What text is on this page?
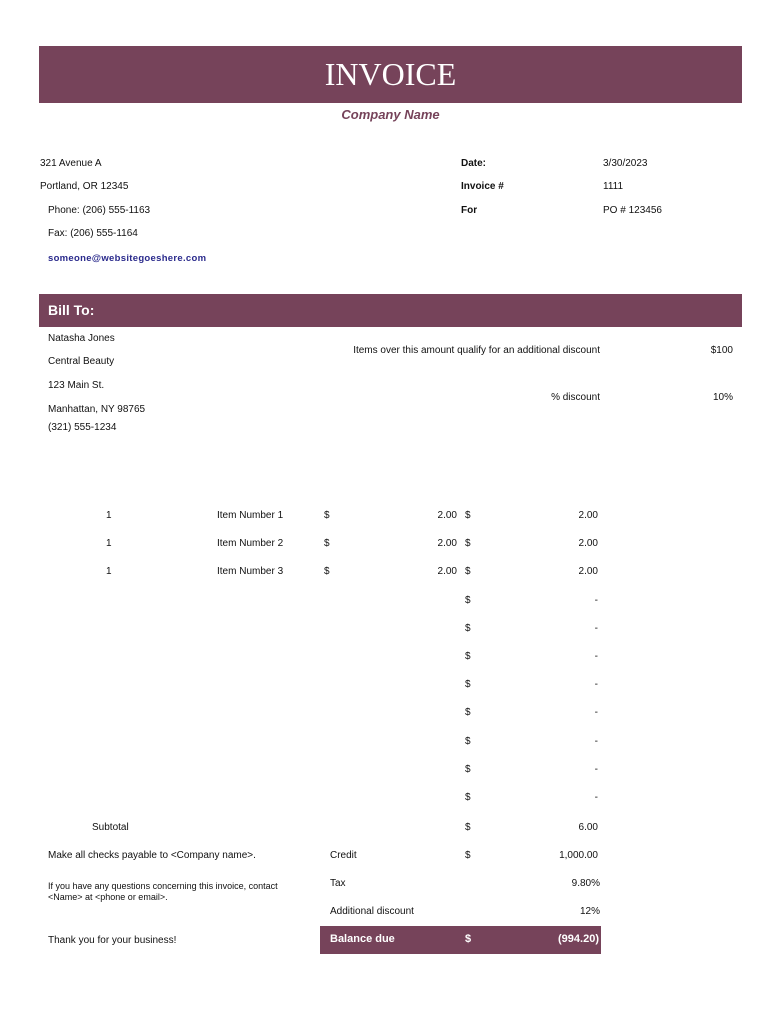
INVOICE
Company Name
321 Avenue A
Portland, OR 12345
Phone: (206) 555-1163
Fax: (206) 555-1164
someone@websitegoeshere.com
Date:	3/30/2023
Invoice #	1111
For	PO # 123456
Bill To:
Natasha Jones
Central Beauty
123 Main St.
Manhattan, NY 98765
(321) 555-1234
Items over this amount qualify for an additional discount	$100
% discount	10%
1	Item Number 1	$	2.00 $	2.00
1	Item Number 2	$	2.00 $	2.00
1	Item Number 3	$	2.00 $	2.00
$	-
$	-
$	-
$	-
$	-
$	-
$	-
$	-
Subtotal	$	6.00
Make all checks payable to <Company name>.	Credit	$	1,000.00
If you have any questions concerning this invoice, contact
<Name> at <phone or email>.
Tax	9.80%
Additional discount	12%
Thank you for your business!	Balance due	$	(994.20)
